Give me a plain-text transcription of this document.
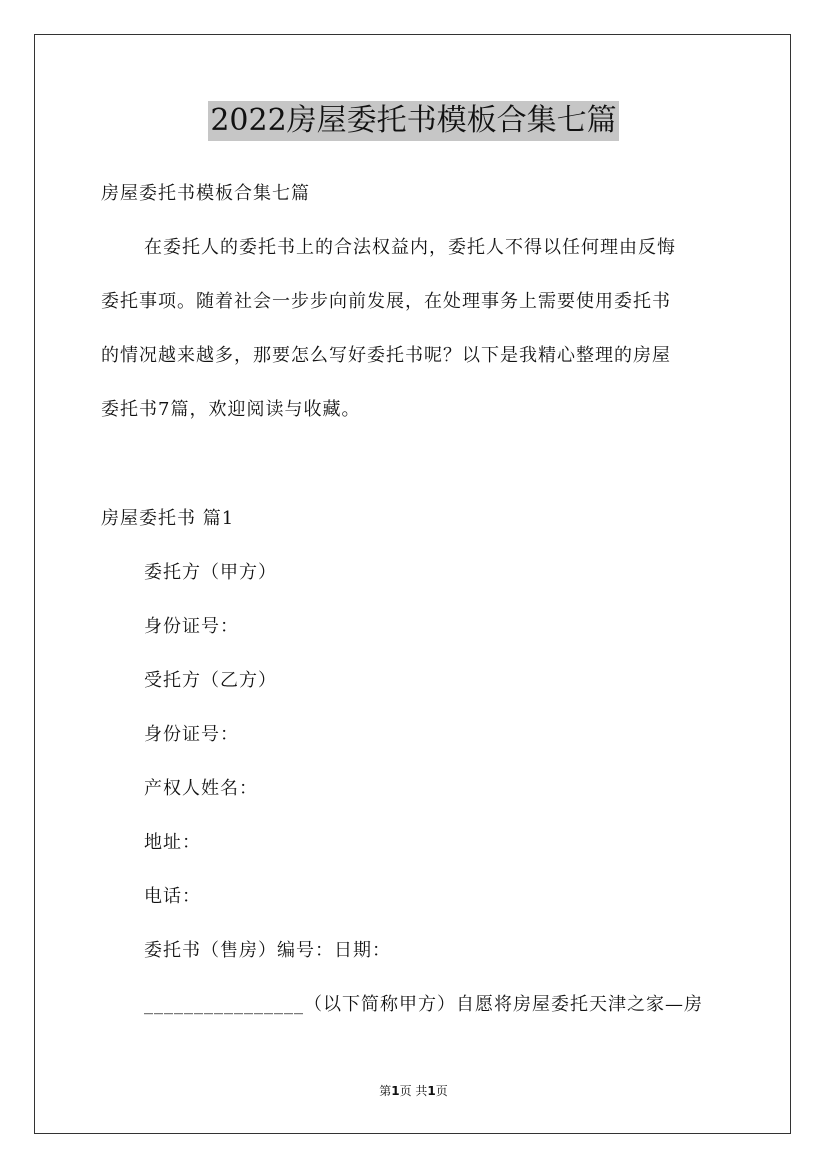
2022房屋委托书模板合集七篇
房屋委托书模板合集七篇
在委托人的委托书上的合法权益内，委托人不得以任何理由反悔
委托事项。随着社会一步步向前发展，在处理事务上需要使用委托书
的情况越来越多，那要怎么写好委托书呢？以下是我精心整理的房屋
委托书7篇，欢迎阅读与收藏。
房屋委托书 篇1
委托方（甲方）
身份证号：
受托方（乙方）
身份证号：
产权人姓名：
地址：
电话：
委托书（售房）编号：日期：
________________（以下简称甲方）自愿将房屋委托天津之家—房
第1页 共1页
